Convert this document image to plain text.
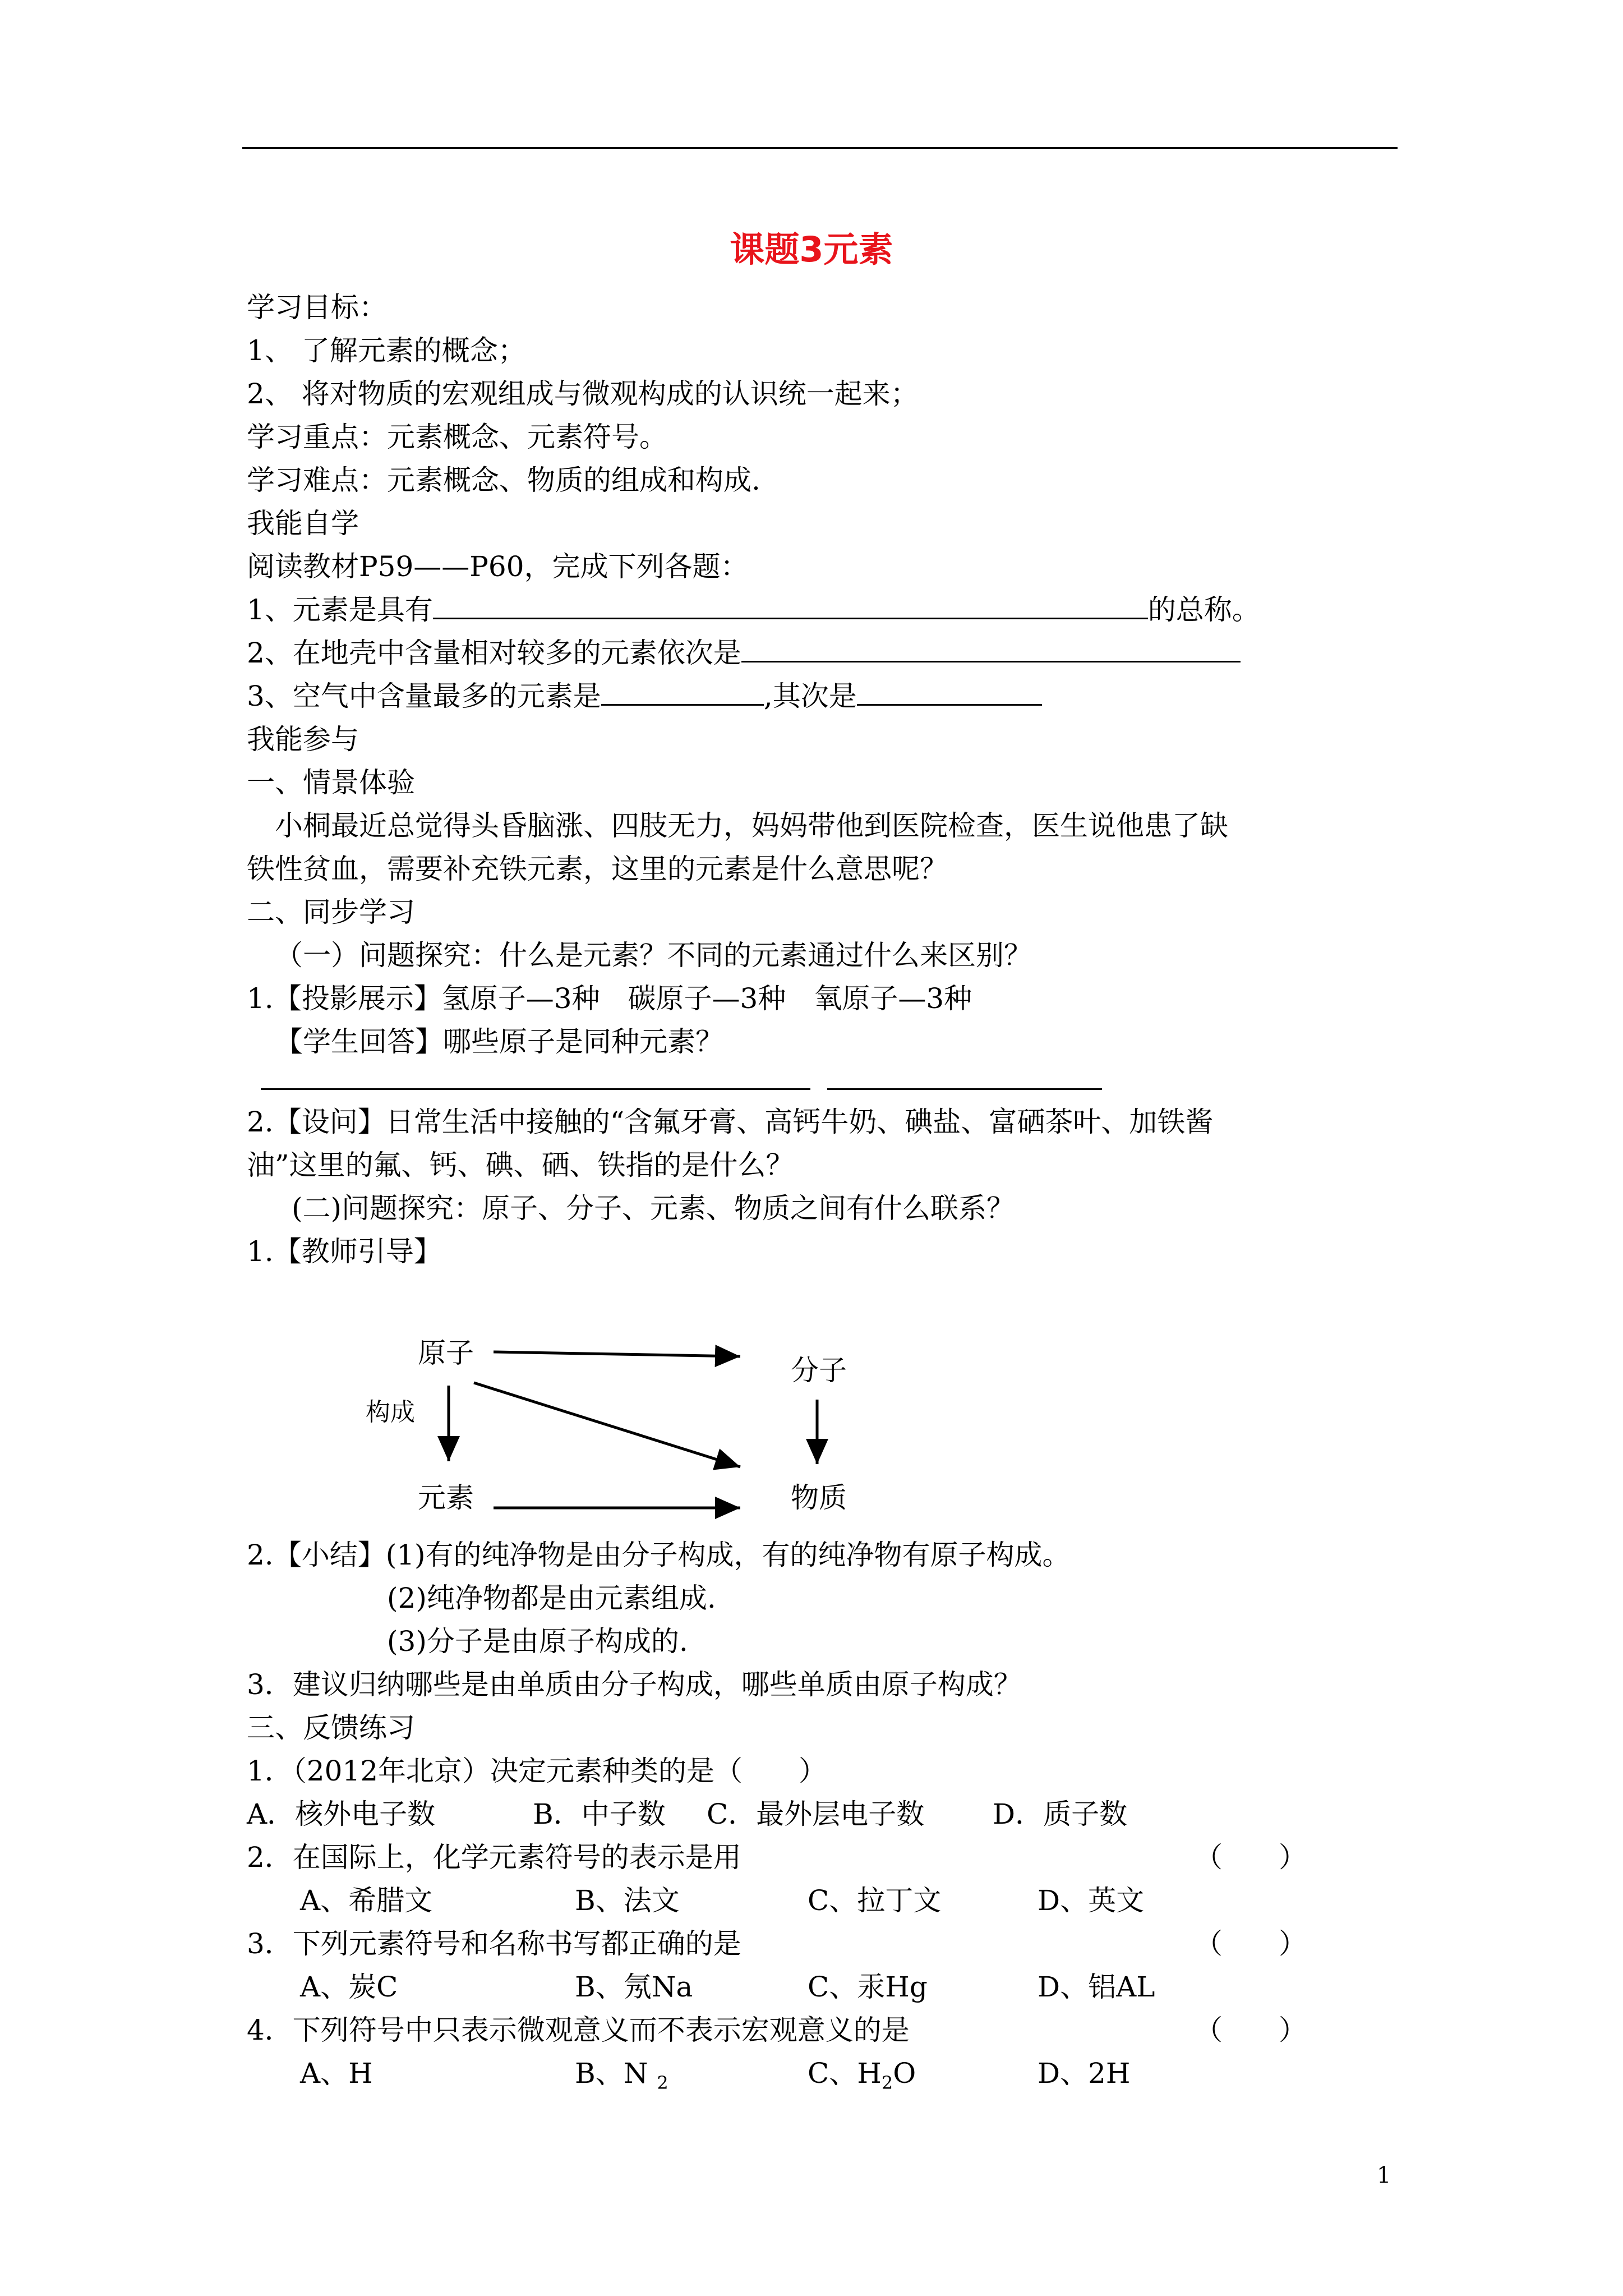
课题3元素
学习目标：
1、 了解元素的概念；
2、 将对物质的宏观组成与微观构成的认识统一起来；
学习重点：元素概念、元素符号。
学习难点：元素概念、物质的组成和构成.
我能自学
阅读教材P59——P60，完成下列各题：
1、元素是具有	的总称。
2、在地壳中含量相对较多的元素依次是
3、空气中含量最多的元素是	,其次是
我能参与
一、情景体验
小桐最近总觉得头昏脑涨、四肢无力，妈妈带他到医院检查，医生说他患了缺
铁性贫血，需要补充铁元素，这里的元素是什么意思呢？
二、同步学习
（一）问题探究：什么是元素？不同的元素通过什么来区别？
1.【投影展示】氢原子—3种　碳原子—3种　氧原子—3种
【学生回答】哪些原子是同种元素？
2.【设问】日常生活中接触的“含氟牙膏、高钙牛奶、碘盐、富硒茶叶、加铁酱
油”这里的氟、钙、碘、硒、铁指的是什么？
(二)问题探究：原子、分子、元素、物质之间有什么联系？
1.【教师引导】
原子
分子
构成
元素	物质
2.【小结】(1)有的纯净物是由分子构成，有的纯净物有原子构成。
(2)纯净物都是由元素组成.
(3)分子是由原子构成的.
3．建议归纳哪些是由单质由分子构成，哪些单质由原子构成？
三、反馈练习
1．（2012年北京）决定元素种类的是（　　）
A．核外电子数	B．中子数 C．最外层电子数 D．质子数
2．在国际上，化学元素符号的表示是用	（　　）
A、希腊文	B、法文	C、拉丁文	D、英文
3．下列元素符号和名称书写都正确的是	（　　）
A、炭C	B、氖Na	C、汞Hg	D、铝AL
4．下列符号中只表示微观意义而不表示宏观意义的是	（　　）
A、H	B、N $_2$	C、$H_2O$	D、2H
1
